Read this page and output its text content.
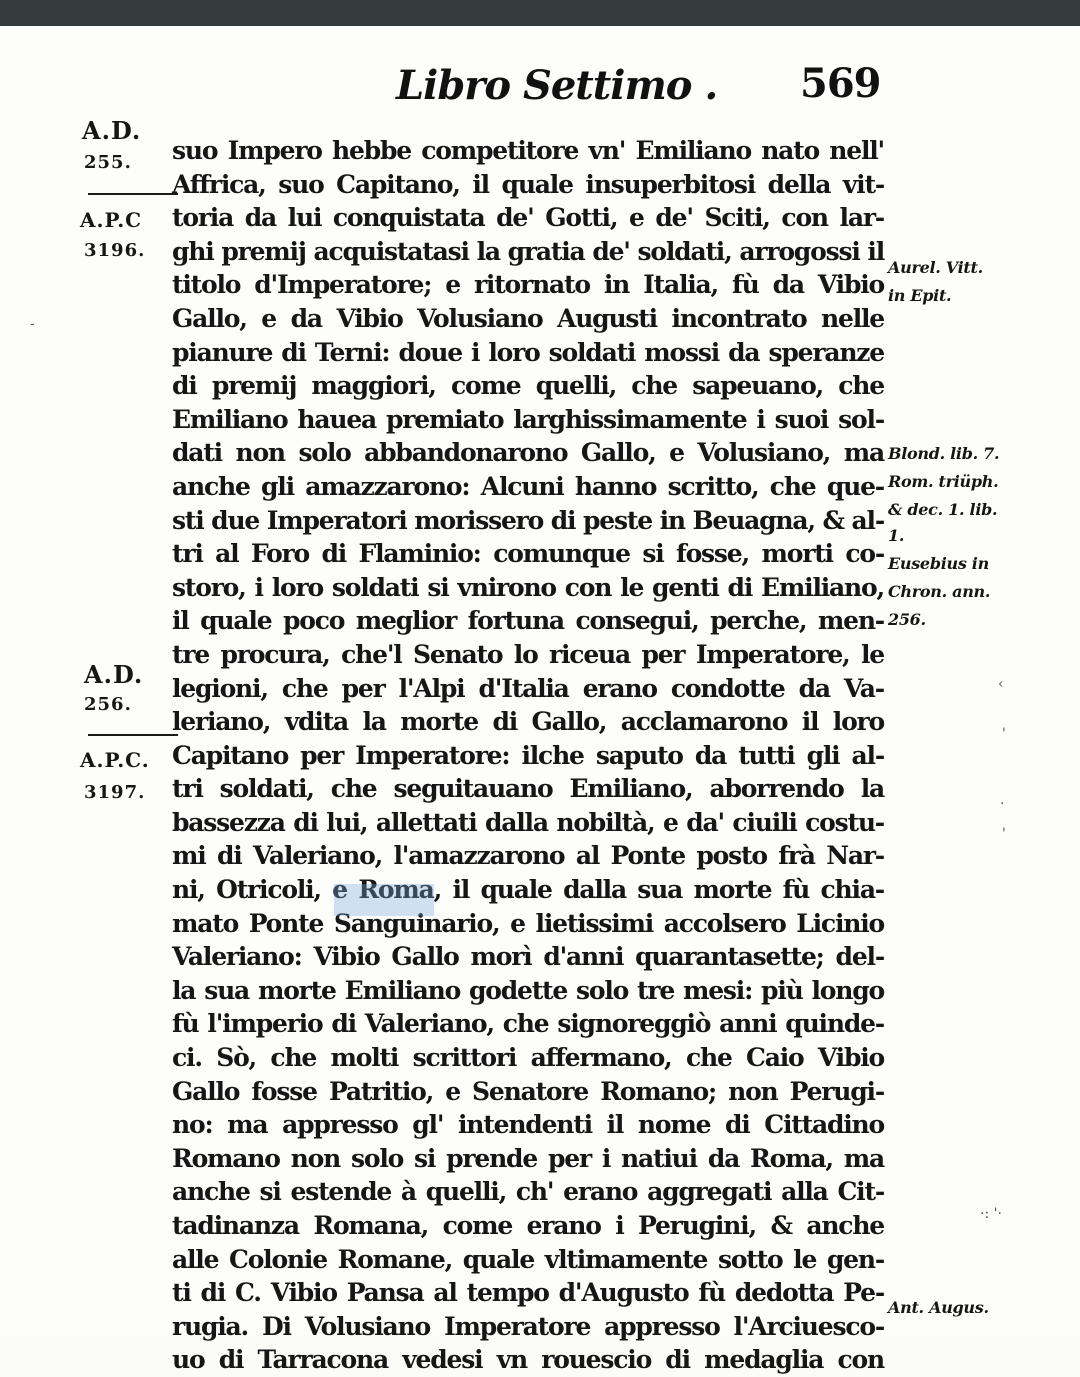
Libro Settimo . 569
A.D.
255.
A.P.C
3196.
A.D.
256.
A.P.C.
3197.
Aurel. Vitt.
in Epit.
Blond. lib. 7.
Rom. triüph.
& dec. 1. lib.
1.
Eusebius in
Chron. ann.
256.
Ant. Augus.
suo Impero hebbe competitore vn' Emiliano nato nell'
Affrica, suo Capitano, il quale insuperbitosi della vit-
toria da lui conquistata de' Gotti, e de' Sciti, con lar-
ghi premij acquistatasi la gratia de' soldati, arrogossi il
titolo d'Imperatore; e ritornato in Italia, fù da Vibio
Gallo, e da Vibio Volusiano Augusti incontrato nelle
pianure di Terni: doue i loro soldati mossi da speranze
di premij maggiori, come quelli, che sapeuano, che
Emiliano hauea premiato larghissimamente i suoi sol-
dati non solo abbandonarono Gallo, e Volusiano, ma
anche gli amazzarono: Alcuni hanno scritto, che que-
sti due Imperatori morissero di peste in Beuagna, & al-
tri al Foro di Flaminio: comunque si fosse, morti co-
storo, i loro soldati si vnirono con le genti di Emiliano,
il quale poco meglior fortuna consegui, perche, men-
tre procura, che'l Senato lo riceua per Imperatore, le
legioni, che per l'Alpi d'Italia erano condotte da Va-
leriano, vdita la morte di Gallo, acclamarono il loro
Capitano per Imperatore: ilche saputo da tutti gli al-
tri soldati, che seguitauano Emiliano, aborrendo la
bassezza di lui, allettati dalla nobiltà, e da' ciuili costu-
mi di Valeriano, l'amazzarono al Ponte posto frà Nar-
ni, Otricoli, e Roma, il quale dalla sua morte fù chia-
mato Ponte Sanguinario, e lietissimi accolsero Licinio
Valeriano: Vibio Gallo morì d'anni quarantasette; del-
la sua morte Emiliano godette solo tre mesi: più longo
fù l'imperio di Valeriano, che signoreggiò anni quinde-
ci. Sò, che molti scrittori affermano, che Caio Vibio
Gallo fosse Patritio, e Senatore Romano; non Perugi-
no: ma appresso gl' intendenti il nome di Cittadino
Romano non solo si prende per i natiui da Roma, ma
anche si estende à quelli, ch' erano aggregati alla Cit-
tadinanza Romana, come erano i Perugini, & anche
alle Colonie Romane, quale vltimamente sotto le gen-
ti di C. Vibio Pansa al tempo d'Augusto fù dedotta Pe-
rugia. Di Volusiano Imperatore appresso l'Arciuesco-
uo di Tarracona vedesi vn rouescio di medaglia con
‹
'
·
'
·: '·
-
